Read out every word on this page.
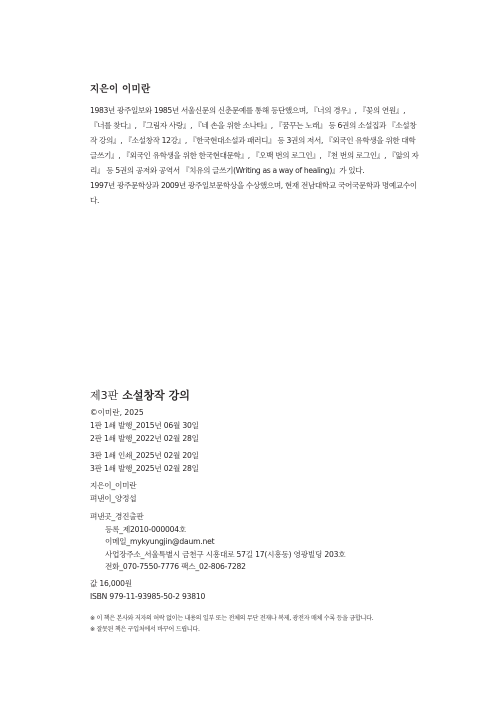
지은이 이미란

1983년 광주일보와 1985년 서울신문의 신춘문예를 통해 등단했으며, 『너의 경우』, 『꽃의 연원』, 『너를 찾다』, 『그림자 사랑』, 『네 손을 위한 소나타』, 『꿈꾸는 노래』 등 6권의 소설집과 『소설창작 강의』, 『소설창작 12강』, 『한국현대소설과 패러디』 등 3권의 저서, 『외국인 유학생을 위한 대학 글쓰기』, 『외국인 유학생을 위한 한국현대문학』, 『오백 번의 로그인』, 『천 번의 로그인』, 『앎의 자리』 등 5권의 공저와 공역서 『치유의 글쓰기(Writing as a way of healing)』가 있다.

1997년 광주문학상과 2009년 광주일보문학상을 수상했으며, 현재 전남대학교 국어국문학과 명예교수이다.

제3판 소설창작 강의
©이미란, 2025
1판 1쇄 발행_2015년 06월 30일
2판 1쇄 발행_2022년 02월 28일
3판 1쇄 인쇄_2025년 02월 20일
3판 1쇄 발행_2025년 02월 28일
지은이_이미란
펴낸이_양정섭
펴낸곳_경진출판
등록_제2010-000004호
이메일_mykyungjin@daum.net
사업장주소_서울특별시 금천구 시흥대로 57길 17(시흥동) 영광빌딩 203호
전화_070-7550-7776 팩스_02-806-7282
값 16,000원
ISBN 979-11-93985-50-2 93810
※ 이 책은 본사와 저자의 허락 없이는 내용의 일부 또는 전체의 무단 전재나 복제, 광전자 매체 수록 등을 금합니다.
※ 잘못된 책은 구입처에서 바꾸어 드립니다.
